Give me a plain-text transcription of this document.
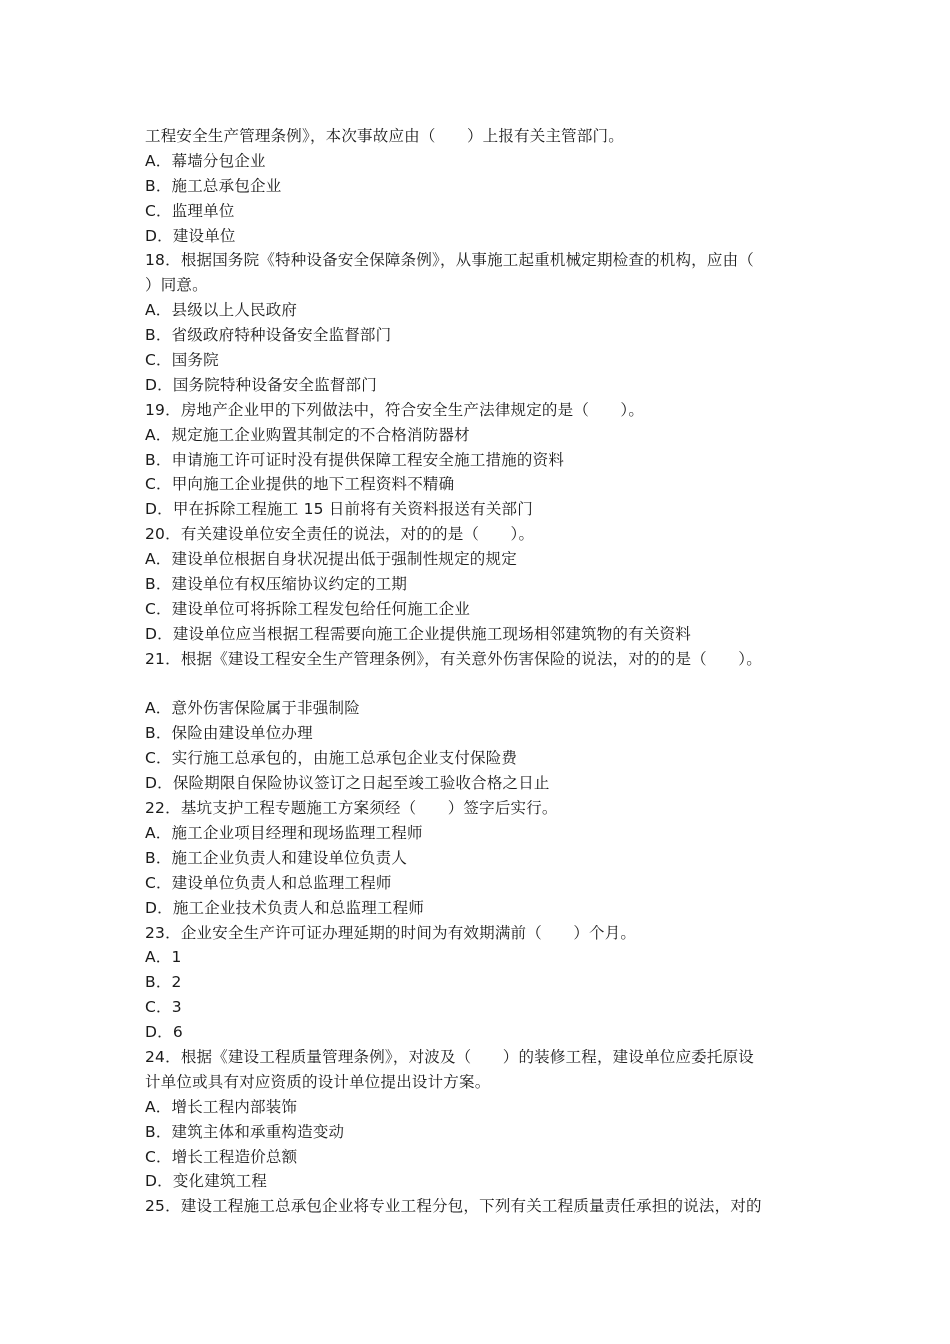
工程安全生产管理条例》，本次事故应由（　　）上报有关主管部门。
A．幕墙分包企业
B．施工总承包企业
C．监理单位
D．建设单位
18．根据国务院《特种设备安全保障条例》，从事施工起重机械定期检查的机构，应由（
）同意。
A．县级以上人民政府
B．省级政府特种设备安全监督部门
C．国务院
D．国务院特种设备安全监督部门
19．房地产企业甲的下列做法中，符合安全生产法律规定的是（　　）。
A．规定施工企业购置其制定的不合格消防器材
B．申请施工许可证时没有提供保障工程安全施工措施的资料
C．甲向施工企业提供的地下工程资料不精确
D．甲在拆除工程施工 15 日前将有关资料报送有关部门
20．有关建设单位安全责任的说法，对的的是（　　）。
A．建设单位根据自身状况提出低于强制性规定的规定
B．建设单位有权压缩协议约定的工期
C．建设单位可将拆除工程发包给任何施工企业
D．建设单位应当根据工程需要向施工企业提供施工现场相邻建筑物的有关资料
21．根据《建设工程安全生产管理条例》，有关意外伤害保险的说法，对的的是（　　）。
A．意外伤害保险属于非强制险
B．保险由建设单位办理
C．实行施工总承包的，由施工总承包企业支付保险费
D．保险期限自保险协议签订之日起至竣工验收合格之日止
22．基坑支护工程专题施工方案须经（　　）签字后实行。
A．施工企业项目经理和现场监理工程师
B．施工企业负责人和建设单位负责人
C．建设单位负责人和总监理工程师
D．施工企业技术负责人和总监理工程师
23．企业安全生产许可证办理延期的时间为有效期满前（　　）个月。
A．1
B．2
C．3
D．6
24．根据《建设工程质量管理条例》，对波及（　　）的装修工程，建设单位应委托原设
计单位或具有对应资质的设计单位提出设计方案。
A．增长工程内部装饰
B．建筑主体和承重构造变动
C．增长工程造价总额
D．变化建筑工程
25．建设工程施工总承包企业将专业工程分包，下列有关工程质量责任承担的说法，对的
